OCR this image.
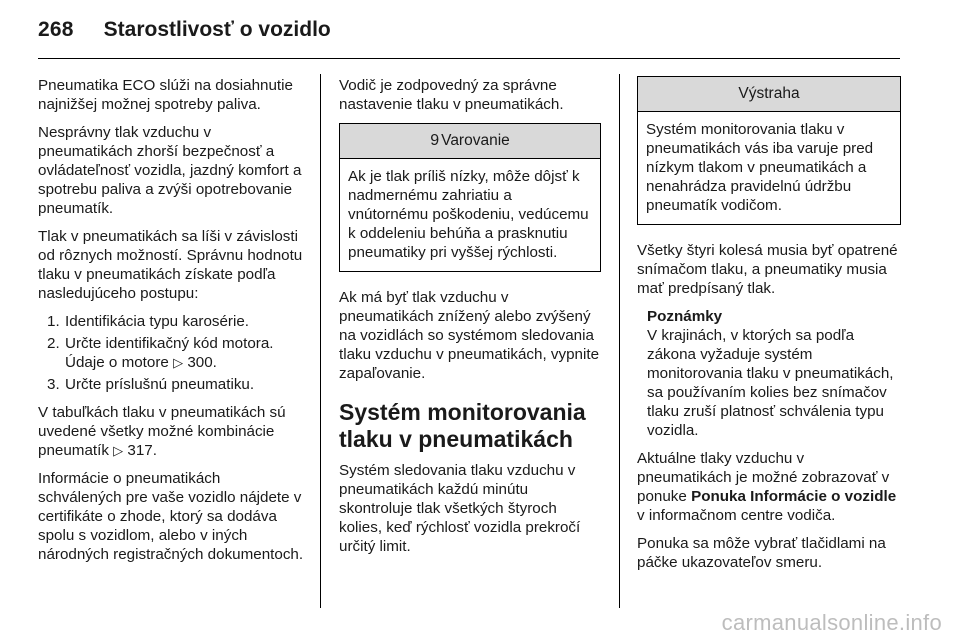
268 Starostlivosť o vozidlo

Pneumatika ECO slúži na dosiahnutie najnižšej možnej spotreby paliva.

Nesprávny tlak vzduchu v pneumatikách zhorší bezpečnosť a ovládateľnosť vozidla, jazdný komfort a spotrebu paliva a zvýši opotrebovanie pneumatík.

Tlak v pneumatikách sa líši v závislosti od rôznych možností. Správnu hodnotu tlaku v pneumatikách získate podľa nasledujúceho postupu:

1. Identifikácia typu karosérie.
2. Určte identifikačný kód motora. Údaje o motore ▷ 300.
3. Určte príslušnú pneumatiku.

V tabuľkách tlaku v pneumatikách sú uvedené všetky možné kombinácie pneumatík ▷ 317.

Informácie o pneumatikách schválených pre vaše vozidlo nájdete v certifikáte o zhode, ktorý sa dodáva spolu s vozidlom, alebo v iných národných registračných dokumentoch.

Vodič je zodpovedný za správne nastavenie tlaku v pneumatikách.

9 Varovanie
Ak je tlak príliš nízky, môže dôjsť k nadmernému zahriatiu a vnútornému poškodeniu, vedúcemu k oddeleniu behúňa a prasknutiu pneumatiky pri vyššej rýchlosti.

Ak má byť tlak vzduchu v pneumatikách znížený alebo zvýšený na vozidlách so systémom sledovania tlaku vzduchu v pneumatikách, vypnite zapaľovanie.

Systém monitorovania tlaku v pneumatikách

Systém sledovania tlaku vzduchu v pneumatikách každú minútu skontroluje tlak všetkých štyroch kolies, keď rýchlosť vozidla prekročí určitý limit.

Výstraha
Systém monitorovania tlaku v pneumatikách vás iba varuje pred nízkym tlakom v pneumatikách a nenahrádza pravidelnú údržbu pneumatík vodičom.

Všetky štyri kolesá musia byť opatrené snímačom tlaku, a pneumatiky musia mať predpísaný tlak.

Poznámky
V krajinách, v ktorých sa podľa zákona vyžaduje systém monitorovania tlaku v pneumatikách, sa používaním kolies bez snímačov tlaku zruší platnosť schválenia typu vozidla.

Aktuálne tlaky vzduchu v pneumatikách je možné zobrazovať v ponuke Ponuka Informácie o vozidle v informačnom centre vodiča.

Ponuka sa môže vybrať tlačidlami na páčke ukazovateľov smeru.

carmanualsonline.info
